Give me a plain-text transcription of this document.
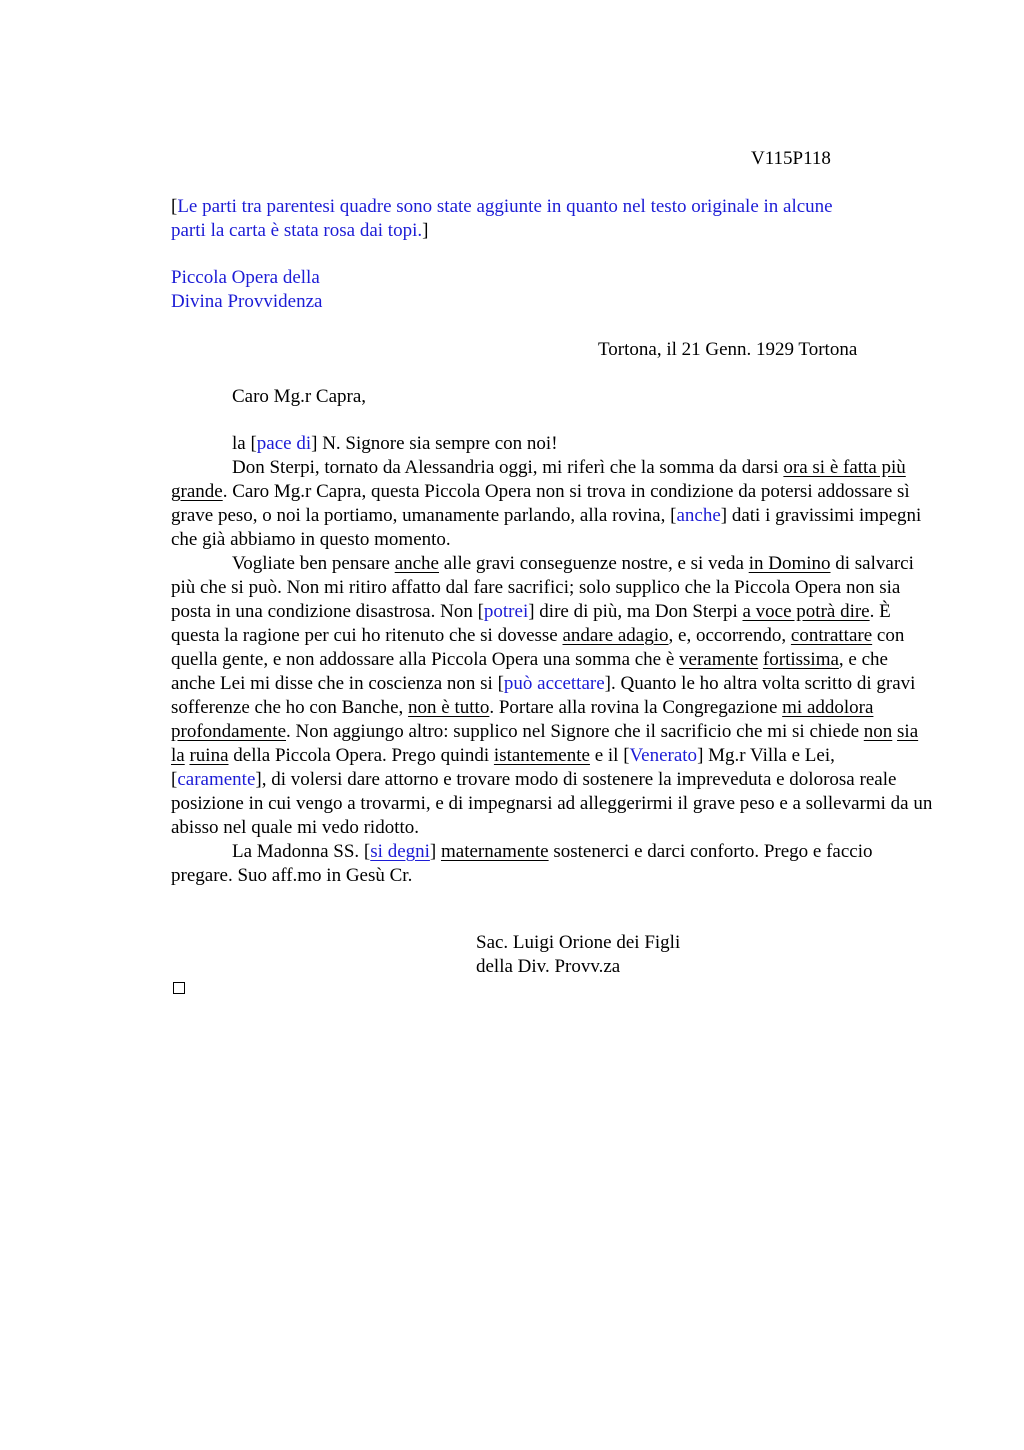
V115P118
[Le parti tra parentesi quadre sono state aggiunte in quanto nel testo originale in alcune
parti la carta è stata rosa dai topi.]
Piccola Opera della
Divina Provvidenza
Tortona, il 21 Genn. 1929 Tortona
Caro Mg.r Capra,

la [pace di] N. Signore sia sempre con noi!

Don Sterpi, tornato da Alessandria oggi, mi riferì che la somma da darsi ora si è fatta più grande. Caro Mg.r Capra, questa Piccola Opera non si trova in condizione da potersi addossare sì grave peso, o noi la portiamo, umanamente parlando, alla rovina, [anche] dati i gravissimi impegni che già abbiamo in questo momento.

Vogliate ben pensare anche alle gravi conseguenze nostre, e si veda in Domino di salvarci più che si può. Non mi ritiro affatto dal fare sacrifici; solo supplico che la Piccola Opera non sia posta in una condizione disastrosa. Non [potrei] dire di più, ma Don Sterpi a voce potrà dire. È questa la ragione per cui ho ritenuto che si dovesse andare adagio, e, occorrendo, contrattare con quella gente, e non addossare alla Piccola Opera una somma che è veramente fortissima, e che anche Lei mi disse che in coscienza non si [può accettare]. Quanto le ho altra volta scritto di gravi sofferenze che ho con Banche, non è tutto. Portare alla rovina la Congregazione mi addolora profondamente. Non aggiungo altro: supplico nel Signore che il sacrificio che mi si chiede non sia la ruina della Piccola Opera. Prego quindi istantemente e il [Venerato] Mg.r Villa e Lei, [caramente], di volersi dare attorno e trovare modo di sostenere la impreveduta e dolorosa reale posizione in cui vengo a trovarmi, e di impegnarsi ad alleggerirmi il grave peso e a sollevarmi da un abisso nel quale mi vedo ridotto.

La Madonna SS. [si degni] maternamente sostenerci e darci conforto. Prego e faccio pregare. Suo aff.mo in Gesù Cr.

Sac. Luigi Orione dei Figli
della Div. Provv.za
